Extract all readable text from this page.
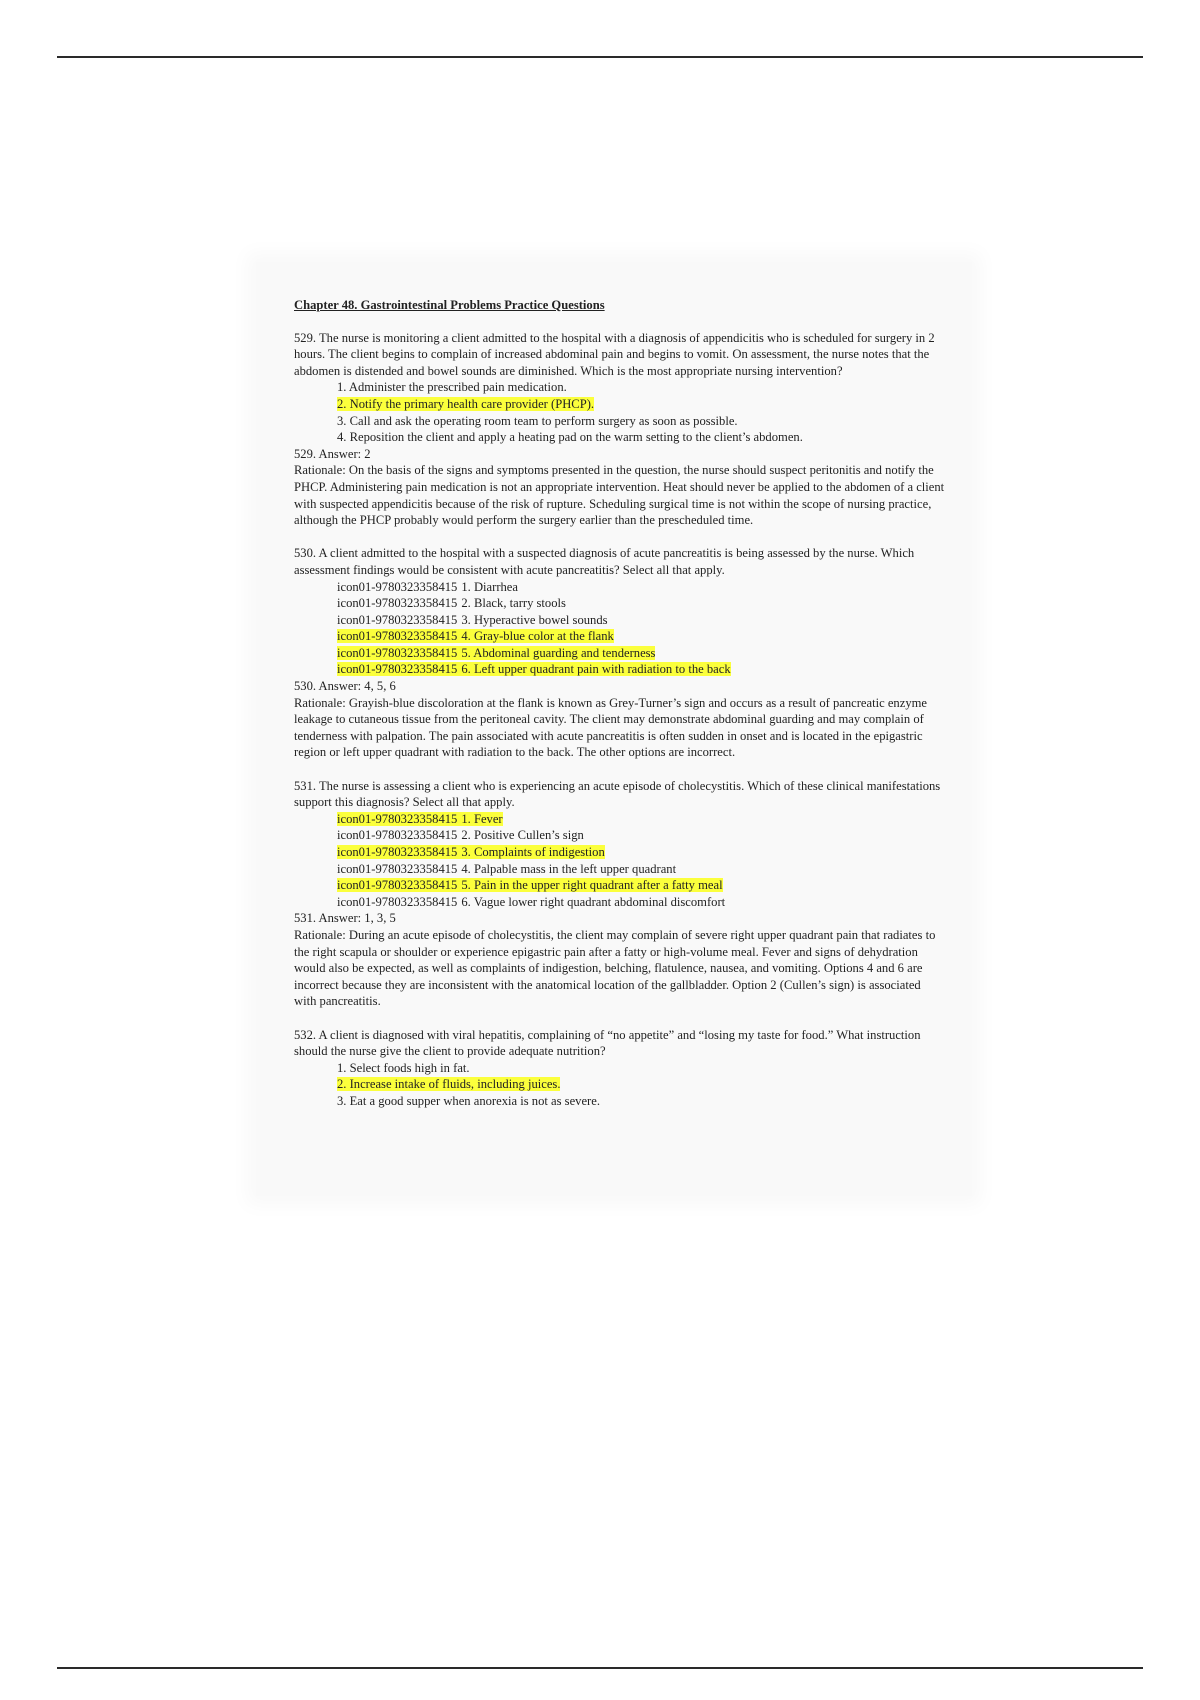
Chapter 48. Gastrointestinal Problems Practice Questions

529. The nurse is monitoring a client admitted to the hospital with a diagnosis of appendicitis who is scheduled for surgery in 2 hours. The client begins to complain of increased abdominal pain and begins to vomit. On assessment, the nurse notes that the abdomen is distended and bowel sounds are diminished. Which is the most appropriate nursing intervention?

1. Administer the prescribed pain medication.

2. Notify the primary health care provider (PHCP).

3. Call and ask the operating room team to perform surgery as soon as possible.

4. Reposition the client and apply a heating pad on the warm setting to the client’s abdomen.

529. Answer: 2

Rationale: On the basis of the signs and symptoms presented in the question, the nurse should suspect peritonitis and notify the PHCP. Administering pain medication is not an appropriate intervention. Heat should never be applied to the abdomen of a client with suspected appendicitis because of the risk of rupture. Scheduling surgical time is not within the scope of nursing practice, although the PHCP probably would perform the surgery earlier than the prescheduled time.

530. A client admitted to the hospital with a suspected diagnosis of acute pancreatitis is being assessed by the nurse. Which assessment findings would be consistent with acute pancreatitis? Select all that apply.

icon01-9780323358415 1. Diarrhea

icon01-9780323358415 2. Black, tarry stools

icon01-9780323358415 3. Hyperactive bowel sounds

icon01-9780323358415 4. Gray-blue color at the flank

icon01-9780323358415 5. Abdominal guarding and tenderness

icon01-9780323358415 6. Left upper quadrant pain with radiation to the back

530. Answer: 4, 5, 6

Rationale: Grayish-blue discoloration at the flank is known as Grey-Turner’s sign and occurs as a result of pancreatic enzyme leakage to cutaneous tissue from the peritoneal cavity. The client may demonstrate abdominal guarding and may complain of tenderness with palpation. The pain associated with acute pancreatitis is often sudden in onset and is located in the epigastric region or left upper quadrant with radiation to the back. The other options are incorrect.

531. The nurse is assessing a client who is experiencing an acute episode of cholecystitis. Which of these clinical manifestations support this diagnosis? Select all that apply.

icon01-9780323358415 1. Fever

icon01-9780323358415 2. Positive Cullen’s sign

icon01-9780323358415 3. Complaints of indigestion

icon01-9780323358415 4. Palpable mass in the left upper quadrant

icon01-9780323358415 5. Pain in the upper right quadrant after a fatty meal

icon01-9780323358415 6. Vague lower right quadrant abdominal discomfort

531. Answer: 1, 3, 5

Rationale: During an acute episode of cholecystitis, the client may complain of severe right upper quadrant pain that radiates to the right scapula or shoulder or experience epigastric pain after a fatty or high-volume meal. Fever and signs of dehydration would also be expected, as well as complaints of indigestion, belching, flatulence, nausea, and vomiting. Options 4 and 6 are incorrect because they are inconsistent with the anatomical location of the gallbladder. Option 2 (Cullen’s sign) is associated with pancreatitis.

532. A client is diagnosed with viral hepatitis, complaining of “no appetite” and “losing my taste for food.” What instruction should the nurse give the client to provide adequate nutrition?

1. Select foods high in fat.

2. Increase intake of fluids, including juices.

3. Eat a good supper when anorexia is not as severe.
